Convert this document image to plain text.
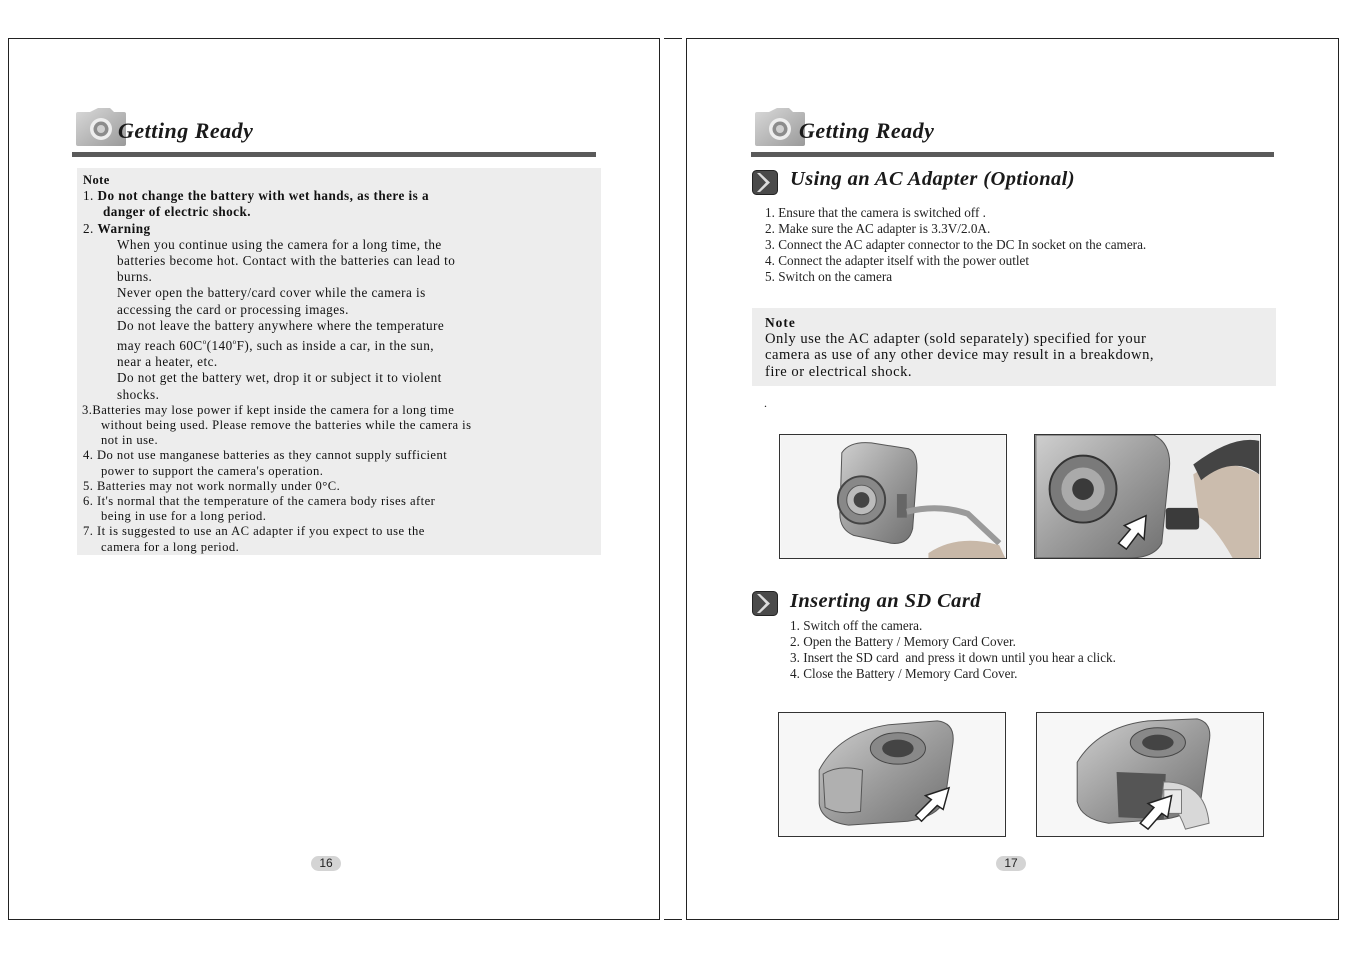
Getting Ready
Note
1. Do not change the battery with wet hands, as there is a
danger of electric shock.
2. Warning
When you continue using the camera for a long time, the
batteries become hot. Contact with the batteries can lead to
burns.
Never open the battery/card cover while the camera is
accessing the card or processing images.
Do not leave the battery anywhere where the temperature
may reach $60C^o(140^oF)$, such as inside a car, in the sun,
near a heater, etc.
Do not get the battery wet, drop it or subject it to violent
shocks.
3.Batteries may lose power if kept inside the camera for a long time
without being used. Please remove the batteries while the camera is
not in use.
4. Do not use manganese batteries as they cannot supply sufficient
power to support the camera's operation.
5. Batteries may not work normally under 0°C.
6. It's normal that the temperature of the camera body rises after
being in use for a long period.
7. It is suggested to use an AC adapter if you expect to use the
camera for a long period.
16
Getting Ready
Using an AC Adapter (Optional)
1. Ensure that the camera is switched off .
2. Make sure the AC adapter is 3.3V/2.0A.
3. Connect the AC adapter connector to the DC In socket on the camera.
4. Connect the adapter itself with the power outlet
5. Switch on the camera
Note
Only use the AC adapter (sold separately) specified for your
camera as use of any other device may result in a breakdown,
fire or electrical shock.
.
Inserting an SD Card
1. Switch off the camera.
2. Open the Battery / Memory Card Cover.
3. Insert the SD card  and press it down until you hear a click.
4. Close the Battery / Memory Card Cover.
17
